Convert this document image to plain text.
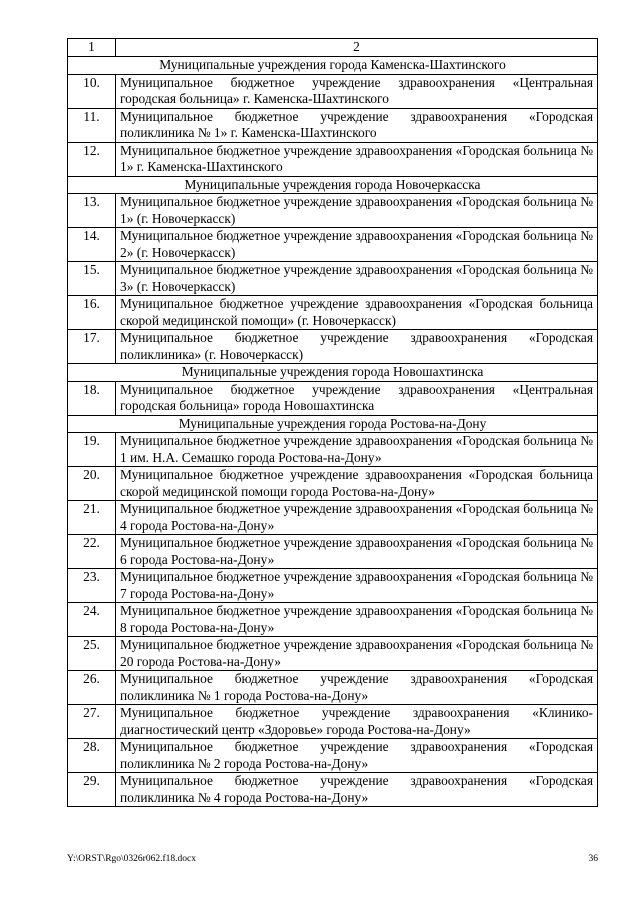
1	2
Муниципальные учреждения города Каменска-Шахтинского	
10.	Муниципальное бюджетное учреждение здравоохранения «Центральная городская больница» г. Каменска-Шахтинского
11.	Муниципальное бюджетное учреждение здравоохранения «Городская поликлиника № 1» г. Каменска-Шахтинского
12.	Муниципальное бюджетное учреждение здравоохранения «Городская больница № 1» г. Каменска-Шахтинского
Муниципальные учреждения города Новочеркасска	
13.	Муниципальное бюджетное учреждение здравоохранения «Городская больница № 1» (г. Новочеркасск)
14.	Муниципальное бюджетное учреждение здравоохранения «Городская больница № 2» (г. Новочеркасск)
15.	Муниципальное бюджетное учреждение здравоохранения «Городская больница № 3» (г. Новочеркасск)
16.	Муниципальное бюджетное учреждение здравоохранения «Городская больница скорой медицинской помощи» (г. Новочеркасск)
17.	Муниципальное бюджетное учреждение здравоохранения «Городская поликлиника» (г. Новочеркасск)
Муниципальные учреждения города Новошахтинска	
18.	Муниципальное бюджетное учреждение здравоохранения «Центральная городская больница» города Новошахтинска
Муниципальные учреждения города Ростова-на-Дону	
19.	Муниципальное бюджетное учреждение здравоохранения «Городская больница № 1 им. Н.А. Семашко города Ростова-на-Дону»
20.	Муниципальное бюджетное учреждение здравоохранения «Городская больница скорой медицинской помощи города Ростова-на-Дону»
21.	Муниципальное бюджетное учреждение здравоохранения «Городская больница № 4 города Ростова-на-Дону»
22.	Муниципальное бюджетное учреждение здравоохранения «Городская больница № 6 города Ростова-на-Дону»
23.	Муниципальное бюджетное учреждение здравоохранения «Городская больница № 7 города Ростова-на-Дону»
24.	Муниципальное бюджетное учреждение здравоохранения «Городская больница № 8 города Ростова-на-Дону»
25.	Муниципальное бюджетное учреждение здравоохранения «Городская больница № 20 города Ростова-на-Дону»
26.	Муниципальное бюджетное учреждение здравоохранения «Городская поликлиника № 1 города Ростова-на-Дону»
27.	Муниципальное бюджетное учреждение здравоохранения «Клинико-диагностический центр «Здоровье» города Ростова-на-Дону»
28.	Муниципальное бюджетное учреждение здравоохранения «Городская поликлиника № 2 города Ростова-на-Дону»
29.	Муниципальное бюджетное учреждение здравоохранения «Городская поликлиника № 4 города Ростова-на-Дону»
Y:\ORST\Rgo\0326r062.f18.docx	36
